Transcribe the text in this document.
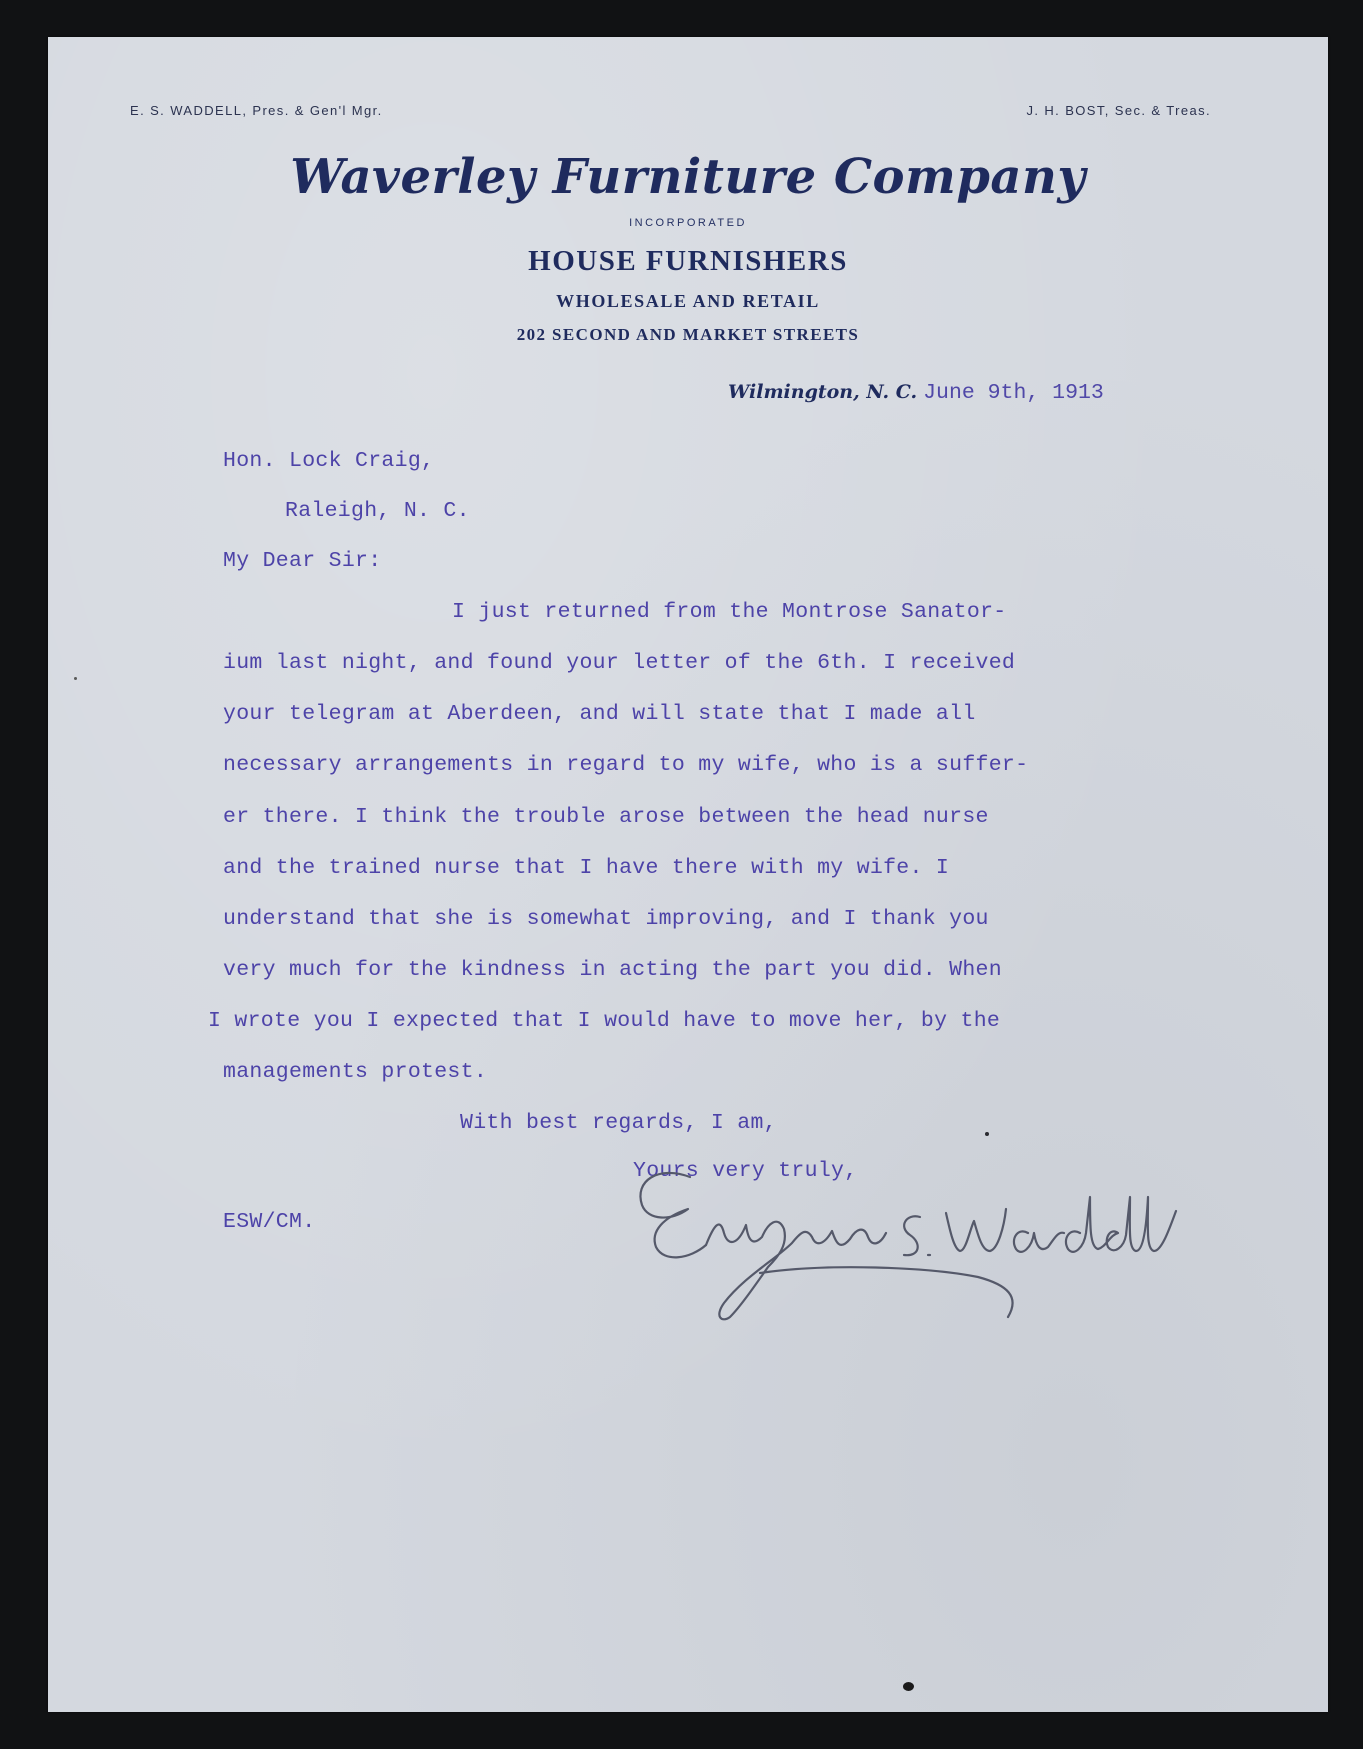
E. S. WADDELL, Pres. & Gen'l Mgr.	J. H. BOST, Sec. & Treas.
Waverley Furniture Company
INCORPORATED
HOUSE FURNISHERS
WHOLESALE AND RETAIL
202 SECOND AND MARKET STREETS
Wilmington, N. C. June 9th, 1913
Hon. Lock Craig,
Raleigh, N. C.
My Dear Sir:
I just returned from the Montrose Sanator-
ium last night, and found your letter of the 6th. I received
your telegram at Aberdeen, and will state that I made all
necessary arrangements in regard to my wife, who is a suffer-
er there. I think the trouble arose between the head nurse
and the trained nurse that I have there with my wife. I
understand that she is somewhat improving, and I thank you
very much for the kindness in acting the part you did. When
I wrote you I expected that I would have to move her, by the
managements protest.
With best regards, I am,
Yours very truly,
ESW/CM.
